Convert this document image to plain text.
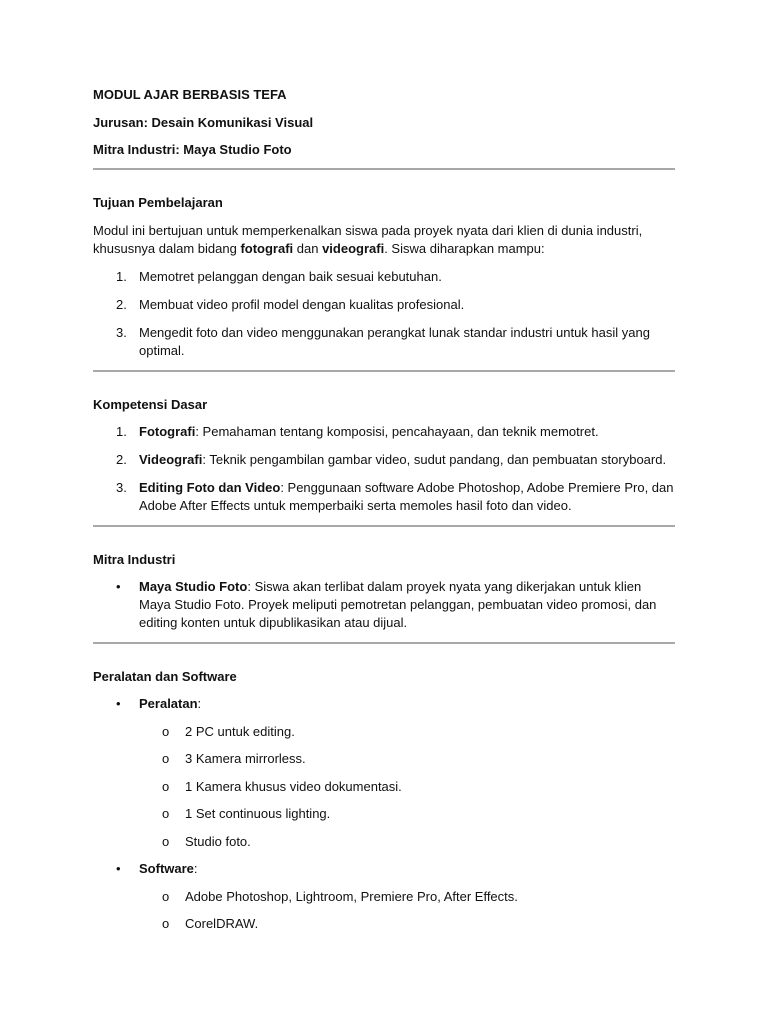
MODUL AJAR BERBASIS TEFA
Jurusan: Desain Komunikasi Visual
Mitra Industri: Maya Studio Foto
Tujuan Pembelajaran

Modul ini bertujuan untuk memperkenalkan siswa pada proyek nyata dari klien di dunia industri, khususnya dalam bidang fotografi dan videografi. Siswa diharapkan mampu:

1. Memotret pelanggan dengan baik sesuai kebutuhan.
2. Membuat video profil model dengan kualitas profesional.
3. Mengedit foto dan video menggunakan perangkat lunak standar industri untuk hasil yang optimal.
Kompetensi Dasar
1. Fotografi: Pemahaman tentang komposisi, pencahayaan, dan teknik memotret.
2. Videografi: Teknik pengambilan gambar video, sudut pandang, dan pembuatan storyboard.
3. Editing Foto dan Video: Penggunaan software Adobe Photoshop, Adobe Premiere Pro, dan Adobe After Effects untuk memperbaiki serta memoles hasil foto dan video.
Mitra Industri
• Maya Studio Foto: Siswa akan terlibat dalam proyek nyata yang dikerjakan untuk klien Maya Studio Foto. Proyek meliputi pemotretan pelanggan, pembuatan video promosi, dan editing konten untuk dipublikasikan atau dijual.
Peralatan dan Software
• Peralatan:
o 2 PC untuk editing.
o 3 Kamera mirrorless.
o 1 Kamera khusus video dokumentasi.
o 1 Set continuous lighting.
o Studio foto.
• Software:
o Adobe Photoshop, Lightroom, Premiere Pro, After Effects.
o CorelDRAW.
